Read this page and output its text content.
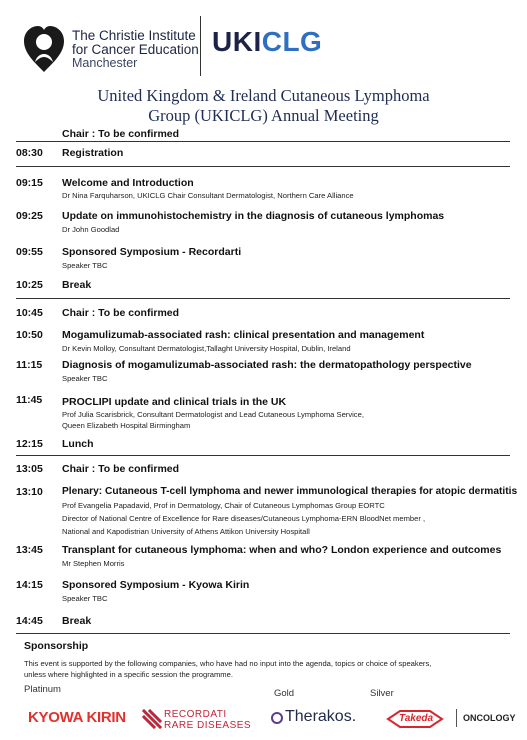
The Christie Institute
for Cancer Education
Manchester
UKICLG
United Kingdom & Ireland Cutaneous Lymphoma
Group (UKICLG) Annual Meeting
Chair : To be confirmed
08:30 Registration
09:15 Welcome and Introduction
Dr Nina Farquharson, UKICLG Chair Consultant Dermatologist, Northern Care Alliance
09:25 Update on immunohistochemistry in the diagnosis of cutaneous lymphomas
Dr John Goodlad
09:55 Sponsored Symposium - Recordarti
Speaker TBC
10:25 Break
10:45 Chair : To be confirmed
10:50 Mogamulizumab-associated rash: clinical presentation and management
Dr Kevin Molloy, Consultant Dermatologist,Tallaght University Hospital, Dublin, Ireland
11:15 Diagnosis of mogamulizumab-associated rash: the dermatopathology perspective
Speaker TBC
11:45 PROCLIPI update and clinical trials in the UK
Prof Julia Scarisbrick, Consultant Dermatologist and Lead Cutaneous Lymphoma Service,
Queen Elizabeth Hospital Birmingham
12:15 Lunch
13:05 Chair : To be confirmed
13:10 Plenary: Cutaneous T-cell lymphoma and newer immunological therapies for atopic dermatitis
Prof Evangelia Papadavid, Prof in Dermatology, Chair of Cutaneous Lymphomas Group EORTC
Director of National Centre of Excellence for Rare diseases/Cutaneous Lymphoma-ERN BloodNet member ,
National and Kapodistrian University of Athens Attikon University Hospitall
13:45 Transplant for cutaneous lymphoma: when and who? London experience and outcomes
Mr Stephen Morris
14:15 Sponsored Symposium - Kyowa Kirin
Speaker TBC
14:45 Break
Sponsorship
This event is supported by the following companies, who have had no input into the agenda, topics or choice of speakers,
unless where highlighted in a specific session the programme.
Platinum	Gold	Silver
KYOWA KIRIN	RECORDATI
RARE DISEASES
Therakos.	Takeda	ONCOLOGY
